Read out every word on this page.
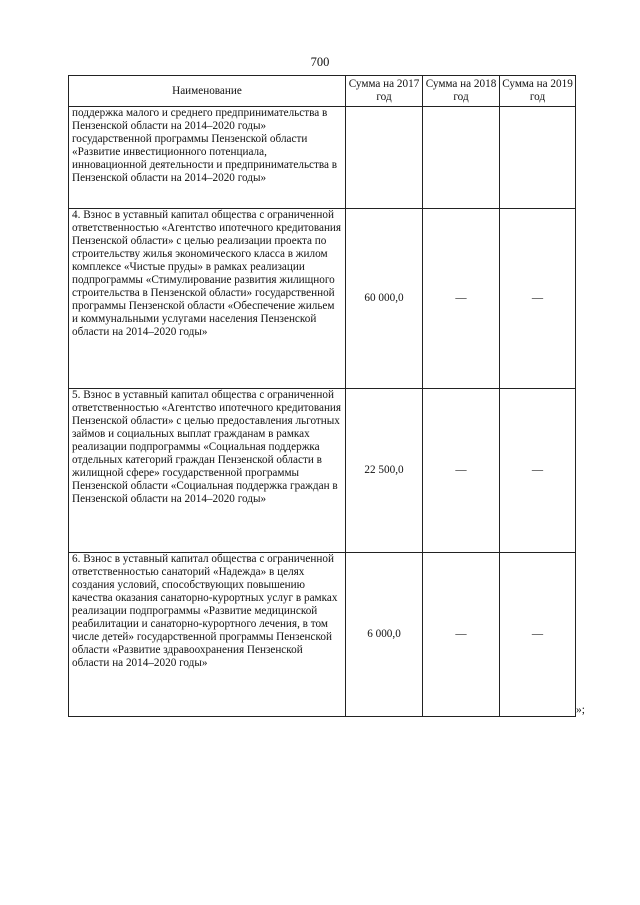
700
Наименование	Сумма на 2017 год	Сумма на 2018 год	Сумма на 2019 год
поддержка малого и среднего предпринимательства в Пензенской области на 2014–2020 годы» государственной программы Пензенской области «Развитие инвестиционного потенциала, инновационной деятельности и предпринимательства в Пензенской области на 2014–2020 годы»			
4. Взнос в уставный капитал общества с ограниченной ответственностью «Агентство ипотечного кредитования Пензенской области» с целью реализации проекта по строительству жилья экономического класса в жилом комплексе «Чистые пруды» в рамках реализации подпрограммы «Стимулирование развития жилищного строительства в Пензенской области» государственной программы Пензенской области «Обеспечение жильем и коммунальными услугами населения Пензенской области на 2014–2020 годы»	60 000,0	—	—
5. Взнос в уставный капитал общества с ограниченной ответственностью «Агентство ипотечного кредитования Пензенской области» с целью предоставления льготных займов и социальных выплат гражданам в рамках реализации подпрограммы «Социальная поддержка отдельных категорий граждан Пензенской области в жилищной сфере» государственной программы Пензенской области «Социальная поддержка граждан в Пензенской области на 2014–2020 годы»	22 500,0	—	—
6. Взнос в уставный капитал общества с ограниченной ответственностью санаторий «Надежда» в целях создания условий, способствующих повышению качества оказания санаторно-курортных услуг в рамках реализации подпрограммы «Развитие медицинской реабилитации и санаторно-курортного лечения, в том числе детей» государственной программы Пензенской области «Развитие здравоохранения Пензенской области на 2014–2020 годы»	6 000,0	—	—
»;
